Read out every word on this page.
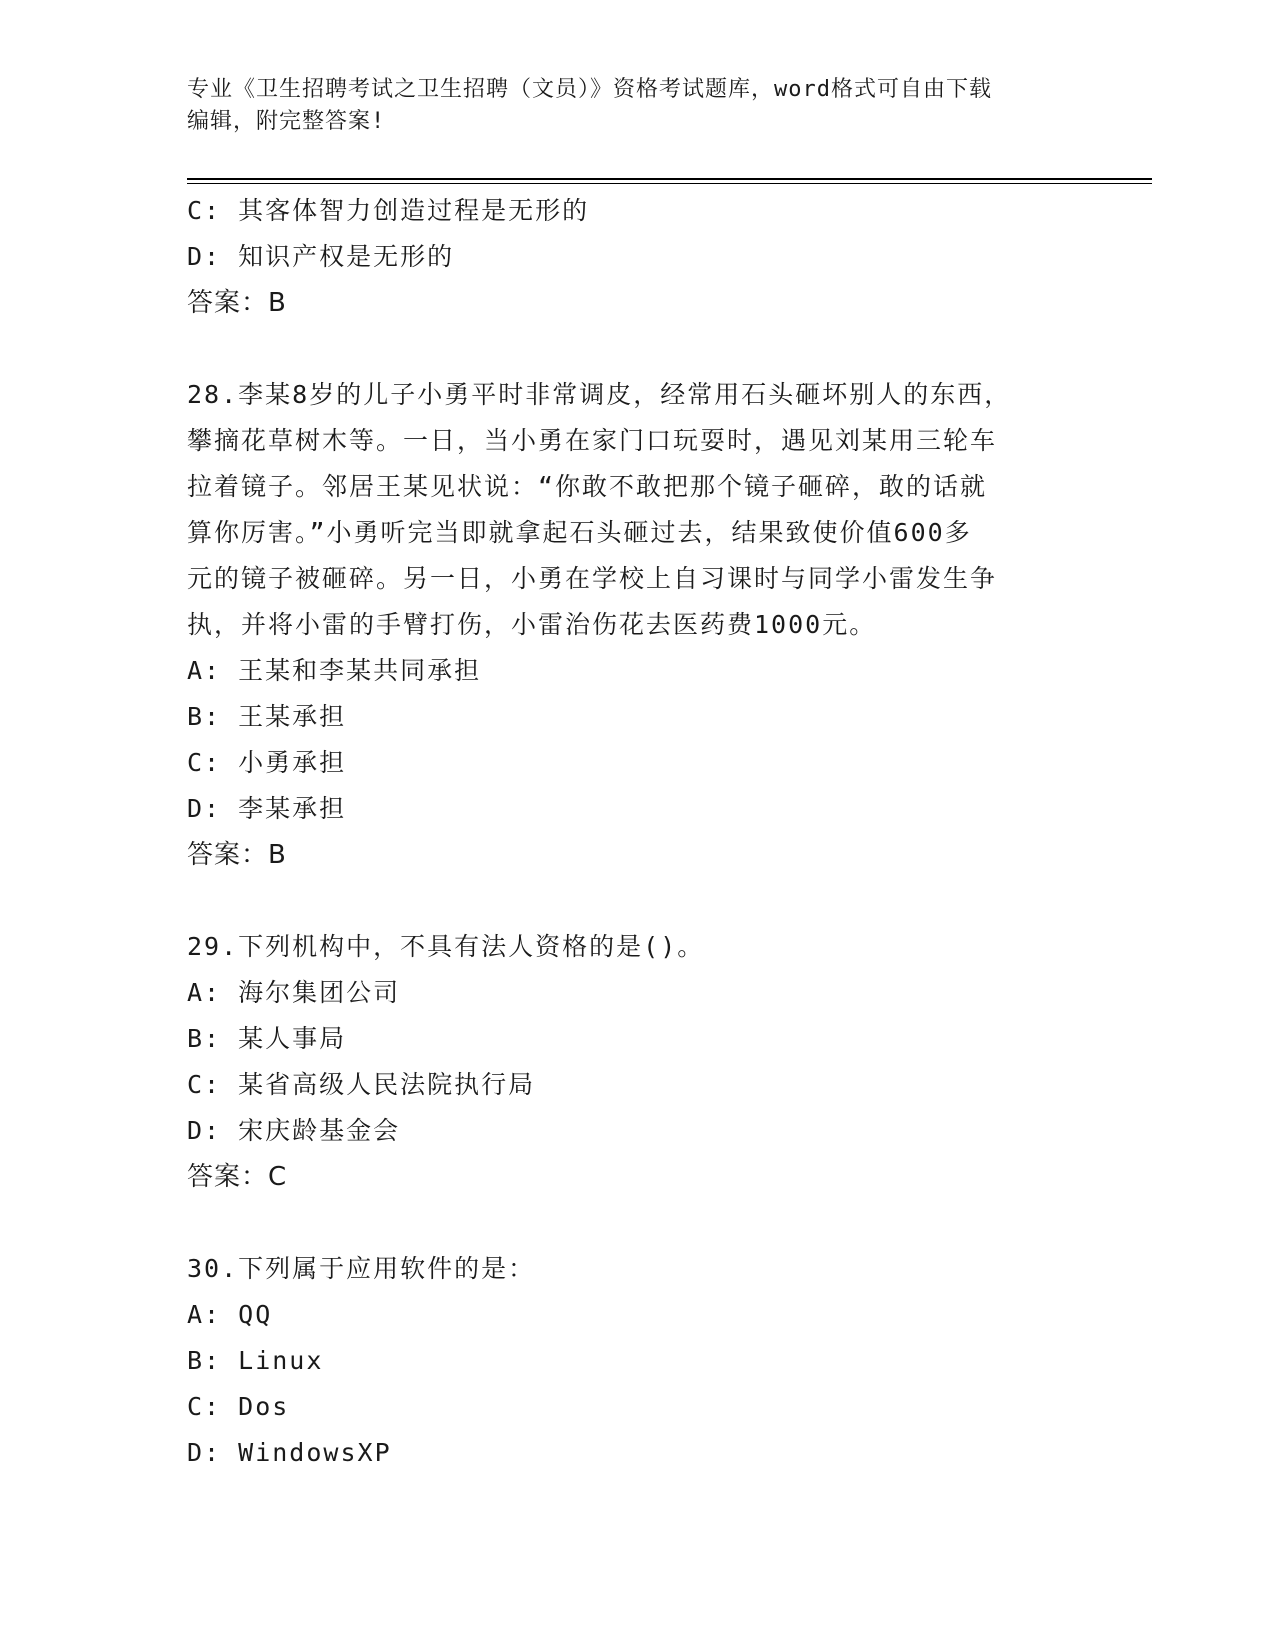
专业《卫生招聘考试之卫生招聘（文员）》资格考试题库，word格式可自由下载
编辑，附完整答案!
C: 其客体智力创造过程是无形的
D: 知识产权是无形的
答案：B
28.李某8岁的儿子小勇平时非常调皮，经常用石头砸坏别人的东西，
攀摘花草树木等。一日，当小勇在家门口玩耍时，遇见刘某用三轮车
拉着镜子。邻居王某见状说：“你敢不敢把那个镜子砸碎，敢的话就
算你厉害。”小勇听完当即就拿起石头砸过去，结果致使价值600多
元的镜子被砸碎。另一日，小勇在学校上自习课时与同学小雷发生争
执，并将小雷的手臂打伤，小雷治伤花去医药费1000元。
A: 王某和李某共同承担
B: 王某承担
C: 小勇承担
D: 李某承担
答案：B
29.下列机构中，不具有法人资格的是()。
A: 海尔集团公司
B: 某人事局
C: 某省高级人民法院执行局
D: 宋庆龄基金会
答案：C
30.下列属于应用软件的是：
A: QQ
B: Linux
C: Dos
D: WindowsXP
